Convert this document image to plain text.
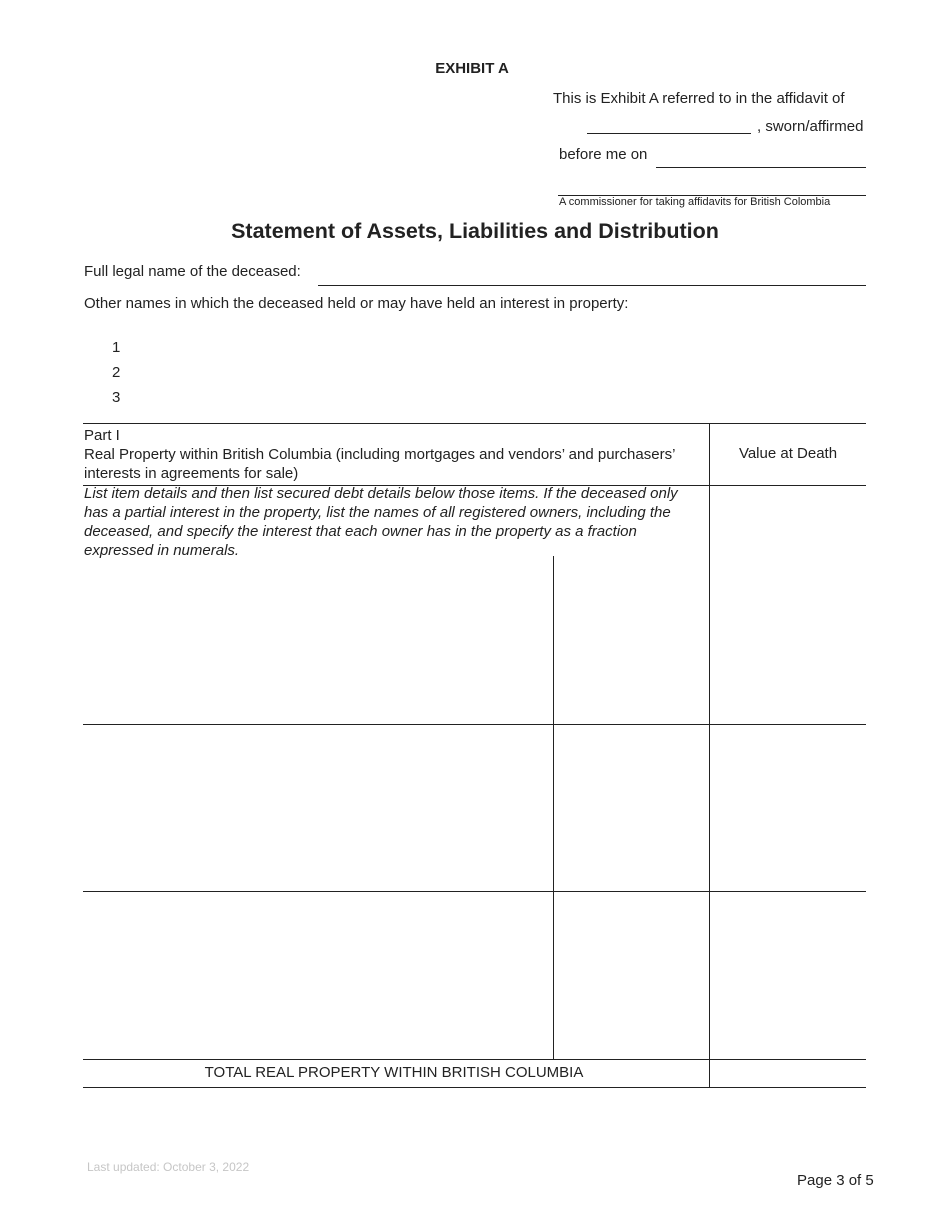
EXHIBIT A
This is Exhibit A referred to in the affidavit of
, sworn/affirmed
before me on
A commissioner for taking affidavits for British Colombia
Statement of Assets, Liabilities and Distribution
Full legal name of the deceased:
Other names in which the deceased held or may have held an interest in property:
1
2
3
Part I
Real Property within British Columbia (including mortgages and vendors’ and purchasers’ interests in agreements for sale)
Value at Death
List item details and then list secured debt details below those items. If the deceased only has a partial interest in the property, list the names of all registered owners, including the deceased, and specify the interest that each owner has in the property as a fraction expressed in numerals.
TOTAL REAL PROPERTY WITHIN BRITISH COLUMBIA
Last updated: October 3, 2022
Page 3 of 5
